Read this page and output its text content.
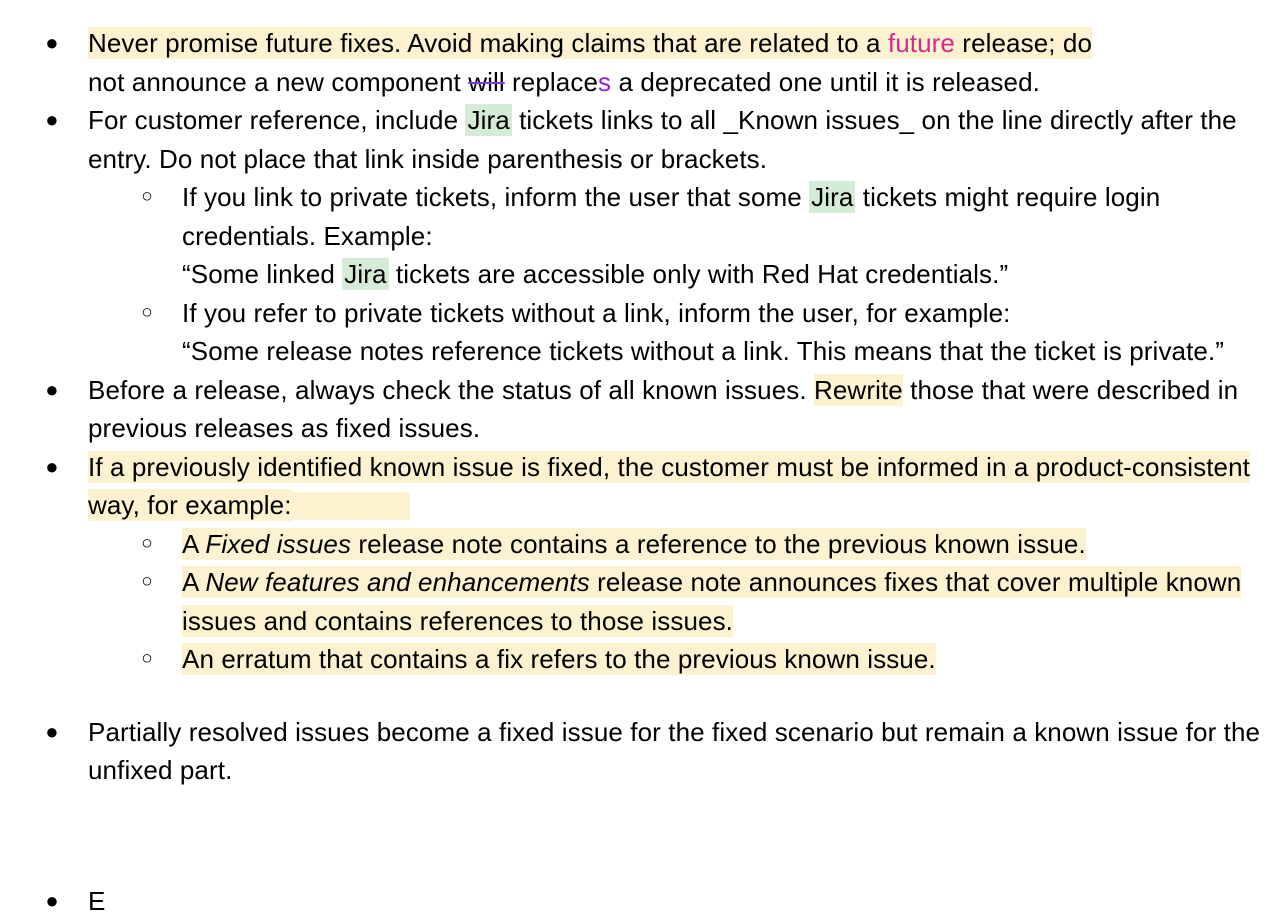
● Never promise future fixes. Avoid making claims that are related to a future release; do
not announce a new component will replaces a deprecated one until it is released.
● For customer reference, include Jira tickets links to all _Known issues_ on the line directly after the entry. Do not place that link inside parenthesis or brackets.
○ If you link to private tickets, inform the user that some Jira tickets might require login credentials. Example:
“Some linked Jira tickets are accessible only with Red Hat credentials.”
○ If you refer to private tickets without a link, inform the user, for example:
“Some release notes reference tickets without a link. This means that the ticket is private.”
● Before a release, always check the status of all known issues. Rewrite those that were described in previous releases as fixed issues.
● If a previously identified known issue is fixed, the customer must be informed in a product-consistent way, for example:
○ A Fixed issues release note contains a reference to the previous known issue.
○ A New features and enhancements release note announces fixes that cover multiple known issues and contains references to those issues.
○ An erratum that contains a fix refers to the previous known issue.
● Partially resolved issues become a fixed issue for the fixed scenario but remain a known issue for the unfixed part.
● E
